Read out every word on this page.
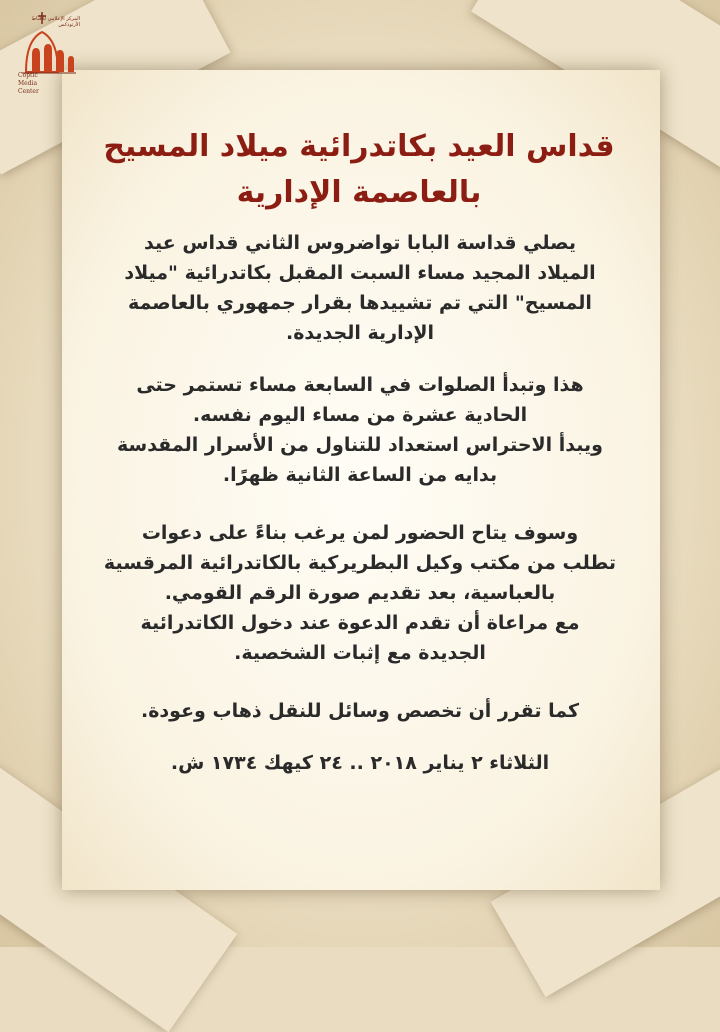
المركز الإعلامي للأقباط الأرثوذكس
Coptic
Media
Center
قداس العيد بكاتدرائية ميلاد المسيح
بالعاصمة الإدارية

يصلي قداسة البابا تواضروس الثاني قداس عيد

الميلاد المجيد مساء السبت المقبل بكاتدرائية "ميلاد

المسيح" التي تم تشييدها بقرار جمهوري بالعاصمة

الإدارية الجديدة.

هذا وتبدأ الصلوات في السابعة مساء تستمر حتى

الحادية عشرة من مساء اليوم نفسه.

ويبدأ الاحتراس استعداد للتناول من الأسرار المقدسة

بدايه من الساعة الثانية ظهرًا.

وسوف يتاح الحضور لمن يرغب بناءً على دعوات

تطلب من مكتب وكيل البطريركية بالكاتدرائية المرقسية

بالعباسية، بعد تقديم صورة الرقم القومي.

مع مراعاة أن تقدم الدعوة عند دخول الكاتدرائية

الجديدة مع إثبات الشخصية.

كما تقرر أن تخصص وسائل للنقل ذهاب وعودة.

الثلاثاء ٢ يناير ٢٠١٨ .. ٢٤ كيهك ١٧٣٤ ش.
